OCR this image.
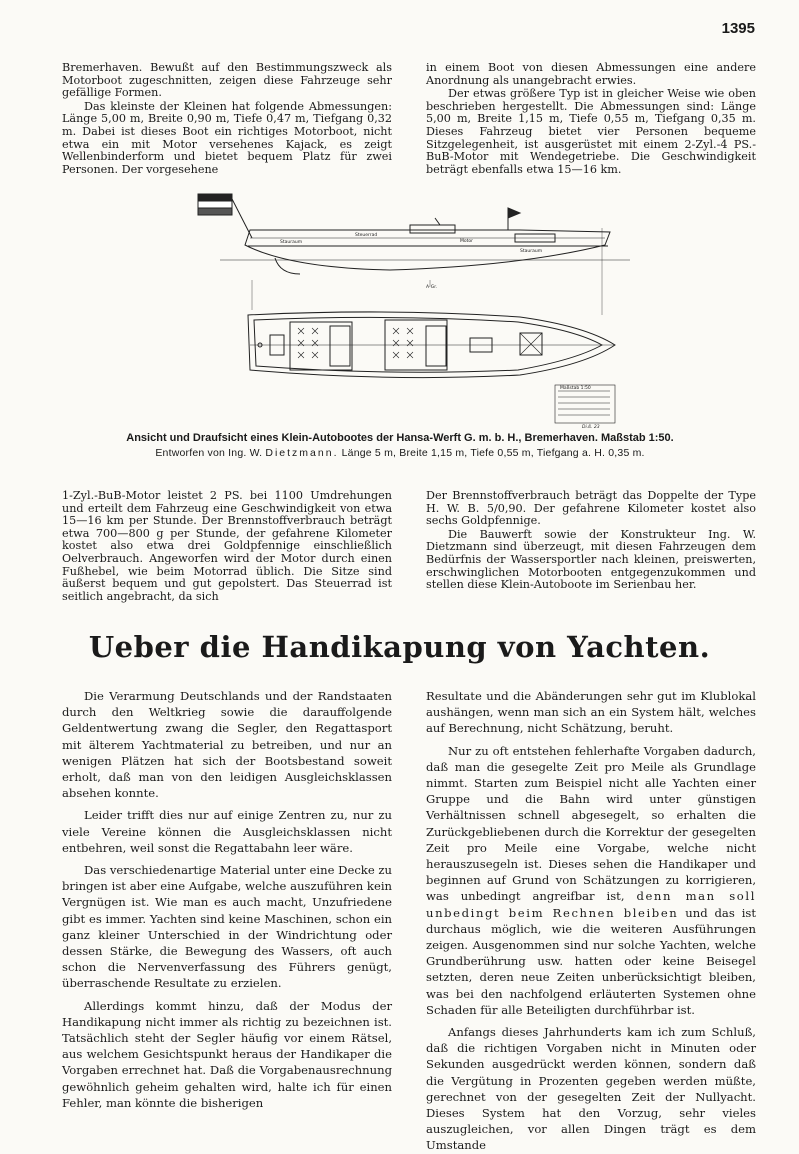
1395

Bremerhaven. Bewußt auf den Bestimmungszweck als Motorboot zugeschnitten, zeigen diese Fahrzeuge sehr gefällige Formen.

Das kleinste der Kleinen hat folgende Abmessungen: Länge 5,00 m, Breite 0,90 m, Tiefe 0,47 m, Tiefgang 0,32 m. Dabei ist dieses Boot ein richtiges Motorboot, nicht etwa ein mit Motor versehenes Kajack, es zeigt Wellenbinderform und bietet bequem Platz für zwei Personen. Der vorgesehene

in einem Boot von diesen Abmessungen eine andere Anordnung als unangebracht erwies.

Der etwas größere Typ ist in gleicher Weise wie oben beschrieben hergestellt. Die Abmessungen sind: Länge 5,00 m, Breite 1,15 m, Tiefe 0,55 m, Tiefgang 0,35 m. Dieses Fahrzeug bietet vier Personen bequeme Sitzgelegenheit, ist ausgerüstet mit einem 2-Zyl.-4 PS.-BuB-Motor mit Wendegetriebe. Die Geschwindigkeit beträgt ebenfalls etwa 15—16 km.

Stauraum
Steuerrad
Motor
Stauraum
A-Gr.
Maßstab 1:50
Di.ß. 23
Ansicht und Draufsicht eines Klein-Autobootes der Hansa-Werft G. m. b. H., Bremerhaven. Maßstab 1:50.
Entworfen von Ing. W. Dietzmann. Länge 5 m, Breite 1,15 m, Tiefe 0,55 m, Tiefgang a. H. 0,35 m.

1-Zyl.-BuB-Motor leistet 2 PS. bei 1100 Umdrehungen und erteilt dem Fahrzeug eine Geschwindigkeit von etwa 15—16 km per Stunde. Der Brennstoffverbrauch beträgt etwa 700—800 g per Stunde, der gefahrene Kilometer kostet also etwa drei Goldpfennige einschließlich Oelverbrauch. Angeworfen wird der Motor durch einen Fußhebel, wie beim Motorrad üblich. Die Sitze sind äußerst bequem und gut gepolstert. Das Steuerrad ist seitlich angebracht, da sich

Der Brennstoffverbrauch beträgt das Doppelte der Type H. W. B. 5/0,90. Der gefahrene Kilometer kostet also sechs Goldpfennige.

Die Bauwerft sowie der Konstrukteur Ing. W. Dietzmann sind überzeugt, mit diesen Fahrzeugen dem Bedürfnis der Wassersportler nach kleinen, preiswerten, erschwinglichen Motorbooten entgegenzukommen und stellen diese Klein-Autoboote im Serienbau her.

Ueber die Handikapung von Yachten.

Die Verarmung Deutschlands und der Randstaaten durch den Weltkrieg sowie die darauffolgende Geldentwertung zwang die Segler, den Regattasport mit älterem Yachtmaterial zu betreiben, und nur an wenigen Plätzen hat sich der Bootsbestand soweit erholt, daß man von den leidigen Ausgleichsklassen absehen konnte.

Leider trifft dies nur auf einige Zentren zu, nur zu viele Vereine können die Ausgleichsklassen nicht entbehren, weil sonst die Regattabahn leer wäre.

Das verschiedenartige Material unter eine Decke zu bringen ist aber eine Aufgabe, welche auszuführen kein Vergnügen ist. Wie man es auch macht, Unzufriedene gibt es immer. Yachten sind keine Maschinen, schon ein ganz kleiner Unterschied in der Windrichtung oder dessen Stärke, die Bewegung des Wassers, oft auch schon die Nervenverfassung des Führers genügt, überraschende Resultate zu erzielen.

Allerdings kommt hinzu, daß der Modus der Handikapung nicht immer als richtig zu bezeichnen ist. Tatsächlich steht der Segler häufig vor einem Rätsel, aus welchem Gesichtspunkt heraus der Handikaper die Vorgaben errechnet hat. Daß die Vorgabenausrechnung gewöhnlich geheim gehalten wird, halte ich für einen Fehler, man könnte die bisherigen

Resultate und die Abänderungen sehr gut im Klublokal aushängen, wenn man sich an ein System hält, welches auf Berechnung, nicht Schätzung, beruht.

Nur zu oft entstehen fehlerhafte Vorgaben dadurch, daß man die gesegelte Zeit pro Meile als Grundlage nimmt. Starten zum Beispiel nicht alle Yachten einer Gruppe und die Bahn wird unter günstigen Verhältnissen schnell abgesegelt, so erhalten die Zurückgebliebenen durch die Korrektur der gesegelten Zeit pro Meile eine Vorgabe, welche nicht herauszusegeln ist. Dieses sehen die Handikaper und beginnen auf Grund von Schätzungen zu korrigieren, was unbedingt angreifbar ist, denn man soll unbedingt beim Rechnen bleiben und das ist durchaus möglich, wie die weiteren Ausführungen zeigen. Ausgenommen sind nur solche Yachten, welche Grundberührung usw. hatten oder keine Beisegel setzten, deren neue Zeiten unberücksichtigt bleiben, was bei den nachfolgend erläuterten Systemen ohne Schaden für alle Beteiligten durchführbar ist.

Anfangs dieses Jahrhunderts kam ich zum Schluß, daß die richtigen Vorgaben nicht in Minuten oder Sekunden ausgedrückt werden können, sondern daß die Vergütung in Prozenten gegeben werden müßte, gerechnet von der gesegelten Zeit der Nullyacht. Dieses System hat den Vorzug, sehr vieles auszugleichen, vor allen Dingen trägt es dem Umstande
